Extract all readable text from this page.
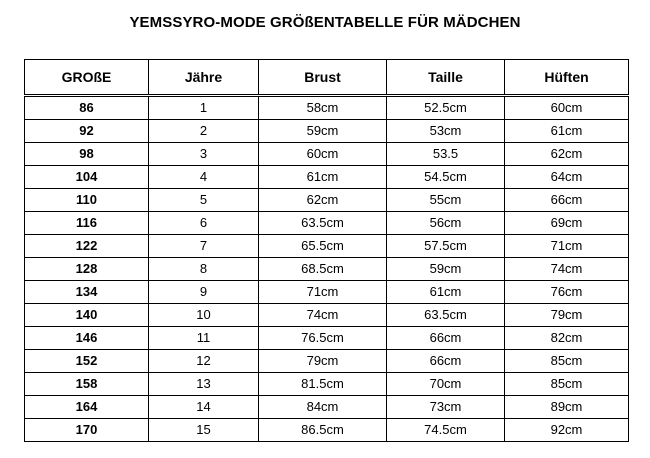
YEMSSYRO-MODE GRÖßENTABELLE FÜR MÄDCHEN
GROßE	Jähre	Brust	Taille	Hüften
86	1	58cm	52.5cm	60cm
92	2	59cm	53cm	61cm
98	3	60cm	53.5	62cm
104	4	61cm	54.5cm	64cm
110	5	62cm	55cm	66cm
116	6	63.5cm	56cm	69cm
122	7	65.5cm	57.5cm	71cm
128	8	68.5cm	59cm	74cm
134	9	71cm	61cm	76cm
140	10	74cm	63.5cm	79cm
146	11	76.5cm	66cm	82cm
152	12	79cm	66cm	85cm
158	13	81.5cm	70cm	85cm
164	14	84cm	73cm	89cm
170	15	86.5cm	74.5cm	92cm
